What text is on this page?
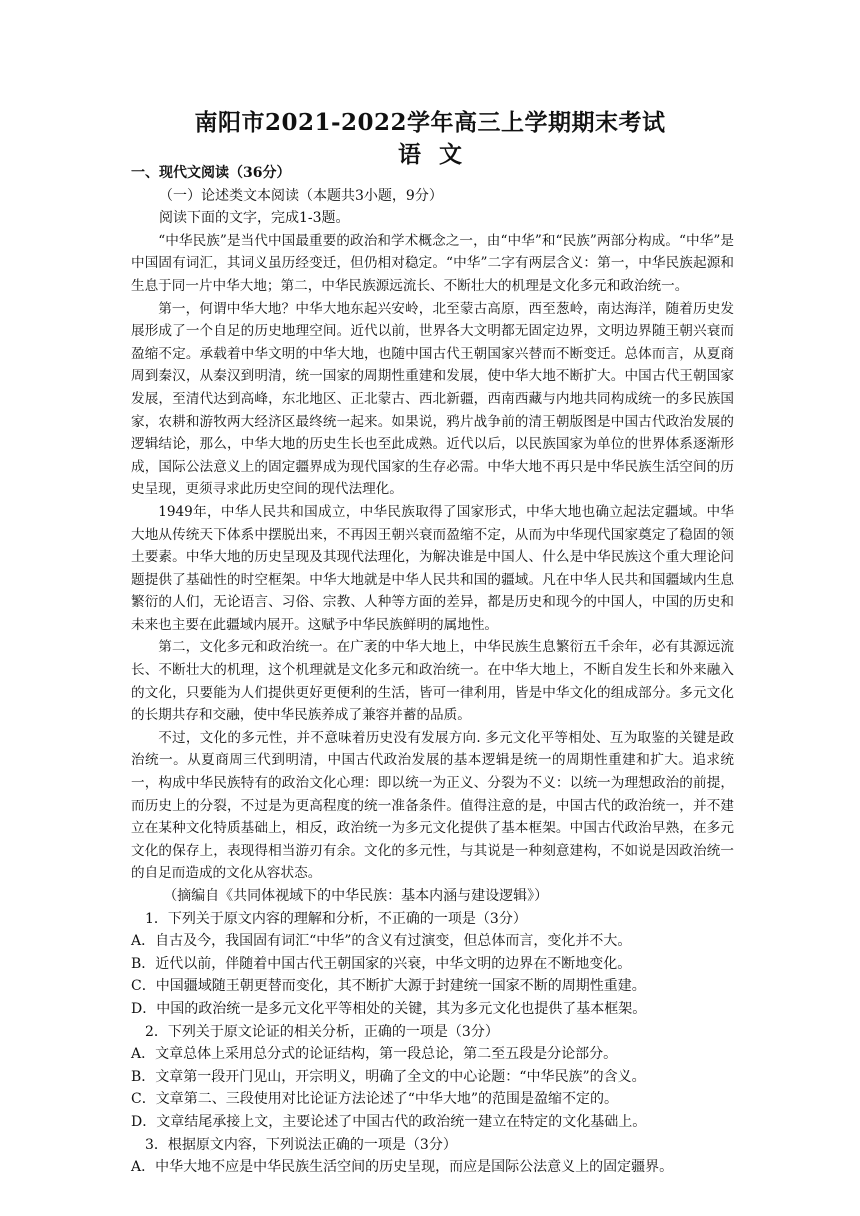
南阳市2021-2022学年高三上学期期末考试
语文

一、现代文阅读（36分）

（一）论述类文本阅读（本题共3小题，9分）

阅读下面的文字，完成1-3题。

“中华民族”是当代中国最重要的政治和学术概念之一，由“中华”和“民族”两部分构成。“中华”是中国固有词汇，其词义虽历经变迁，但仍相对稳定。“中华”二字有两层含义：第一，中华民族起源和生息于同一片中华大地；第二，中华民族源远流长、不断壮大的机理是文化多元和政治统一。

第一，何谓中华大地？中华大地东起兴安岭，北至蒙古高原，西至葱岭，南达海洋，随着历史发展形成了一个自足的历史地理空间。近代以前，世界各大文明都无固定边界，文明边界随王朝兴衰而盈缩不定。承载着中华文明的中华大地，也随中国古代王朝国家兴替而不断变迁。总体而言，从夏商周到秦汉，从秦汉到明清，统一国家的周期性重建和发展，使中华大地不断扩大。中国古代王朝国家发展，至清代达到高峰，东北地区、正北蒙古、西北新疆，西南西藏与内地共同构成统一的多民族国家，农耕和游牧两大经济区最终统一起来。如果说，鸦片战争前的清王朝版图是中国古代政治发展的逻辑结论，那么，中华大地的历史生长也至此成熟。近代以后，以民族国家为单位的世界体系逐渐形成，国际公法意义上的固定疆界成为现代国家的生存必需。中华大地不再只是中华民族生活空间的历史呈现，更须寻求此历史空间的现代法理化。

1949年，中华人民共和国成立，中华民族取得了国家形式，中华大地也确立起法定疆域。中华大地从传统天下体系中摆脱出来，不再因王朝兴衰而盈缩不定，从而为中华现代国家奠定了稳固的领土要素。中华大地的历史呈现及其现代法理化，为解决谁是中国人、什么是中华民族这个重大理论问题提供了基础性的时空框架。中华大地就是中华人民共和国的疆域。凡在中华人民共和国疆域内生息繁衍的人们，无论语言、习俗、宗教、人种等方面的差异，都是历史和现今的中国人，中国的历史和未来也主要在此疆域内展开。这赋予中华民族鲜明的属地性。

第二，文化多元和政治统一。在广袤的中华大地上，中华民族生息繁衍五千余年，必有其源远流长、不断壮大的机理，这个机理就是文化多元和政治统一。在中华大地上，不断自发生长和外来融入的文化，只要能为人们提供更好更便利的生活，皆可一律利用，皆是中华文化的组成部分。多元文化的长期共存和交融，使中华民族养成了兼容并蓄的品质。

不过，文化的多元性，并不意味着历史没有发展方向. 多元文化平等相处、互为取鉴的关键是政治统一。从夏商周三代到明清，中国古代政治发展的基本逻辑是统一的周期性重建和扩大。追求统一，构成中华民族特有的政治文化心理：即以统一为正义、分裂为不义：以统一为理想政治的前提，而历史上的分裂，不过是为更高程度的统一准备条件。值得注意的是，中国古代的政治统一，并不建立在某种文化特质基础上，相反，政治统一为多元文化提供了基本框架。中国古代政治早熟，在多元文化的保存上，表现得相当游刃有余。文化的多元性，与其说是一种刻意建构，不如说是因政治统一的自足而造成的文化从容状态。

（摘编自《共同体视域下的中华民族：基本内涵与建设逻辑》）

1．下列关于原文内容的理解和分析，不正确的一项是（3分）

A．自古及今，我国固有词汇“中华”的含义有过演变，但总体而言，变化并不大。

B．近代以前，伴随着中国古代王朝国家的兴衰，中华文明的边界在不断地变化。

C．中国疆域随王朝更替而变化，其不断扩大源于封建统一国家不断的周期性重建。

D．中国的政治统一是多元文化平等相处的关键，其为多元文化也提供了基本框架。

2．下列关于原文论证的相关分析，正确的一项是（3分）

A．文章总体上采用总分式的论证结构，第一段总论，第二至五段是分论部分。

B．文章第一段开门见山，开宗明义，明确了全文的中心论题：“中华民族”的含义。

C．文章第二、三段使用对比论证方法论述了“中华大地”的范围是盈缩不定的。

D．文章结尾承接上文，主要论述了中国古代的政治统一建立在特定的文化基础上。

3．根据原文内容，下列说法正确的一项是（3分）

A．中华大地不应是中华民族生活空间的历史呈现，而应是国际公法意义上的固定疆界。
